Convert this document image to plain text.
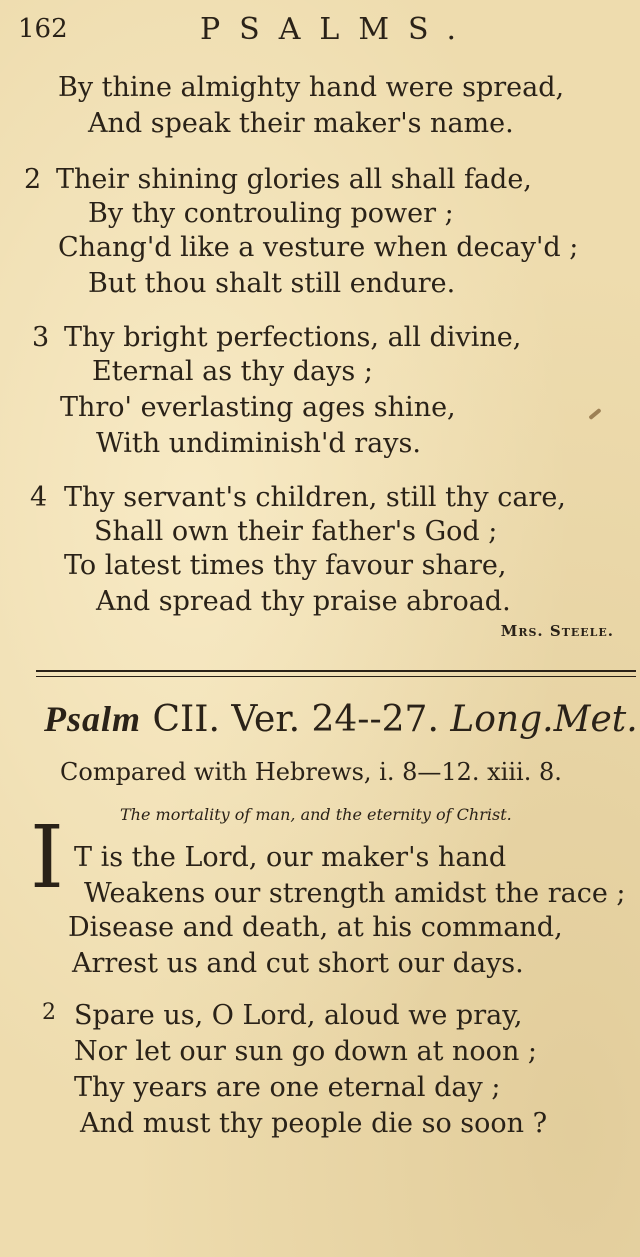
162	PSALMS.
By thine almighty hand were spread,
And speak their maker's name.
2 Their shining glories all shall fade,
By thy controuling power ;
Chang'd like a vesture when decay'd ;
But thou shalt still endure.
3 Thy bright perfections, all divine,
Eternal as thy days ;
Thro' everlasting ages shine,
With undiminish'd rays.
4 Thy servant's children, still thy care,
Shall own their father's God ;
To latest times thy favour share,
And spread thy praise abroad.
Mrs. Steele.
Psalm CII. Ver. 24--27. Long.Met.
Compared with Hebrews, i. 8—12. xiii. 8.
The mortality of man, and the eternity of Christ.
I T is the Lord, our maker's hand
Weakens our strength amidst the race ;
Disease and death, at his command,
Arrest us and cut short our days.
2 Spare us, O Lord, aloud we pray,
Nor let our sun go down at noon ;
Thy years are one eternal day ;
And must thy people die so soon ?
